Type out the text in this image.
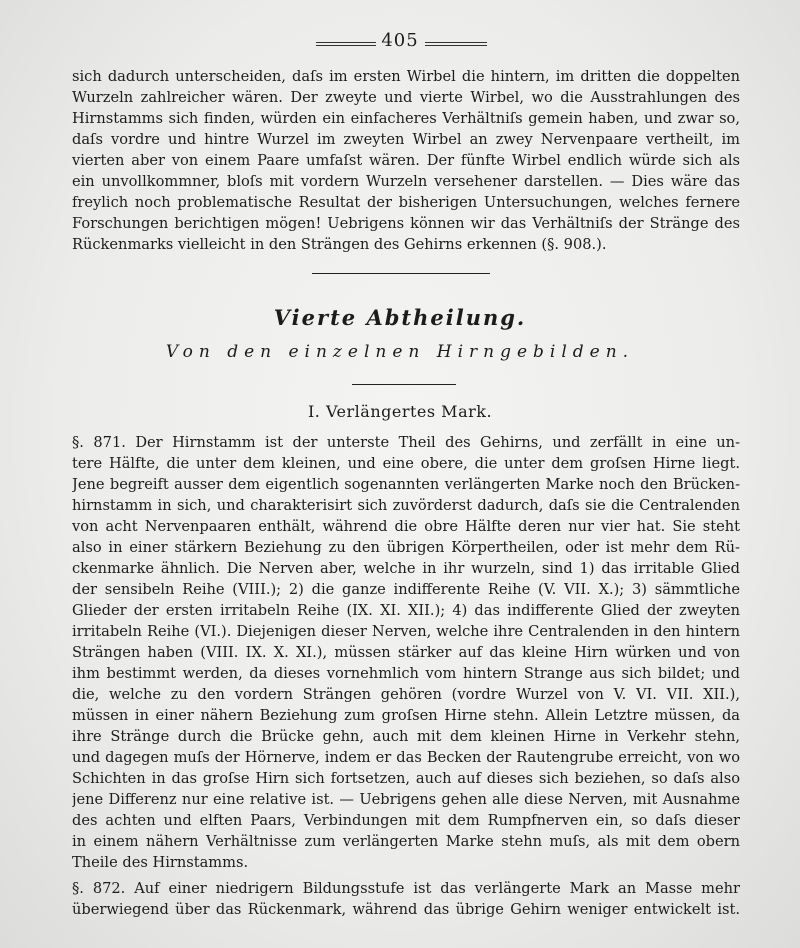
405
sich dadurch unterscheiden, daſs im ersten Wirbel die hintern, im dritten die doppelten
Wurzeln zahlreicher wären. Der zweyte und vierte Wirbel, wo die Ausstrahlungen des
Hirnstamms sich finden, würden ein einfacheres Verhältniſs gemein haben, und zwar so,
daſs vordre und hintre Wurzel im zweyten Wirbel an zwey Nervenpaare vertheilt, im
vierten aber von einem Paare umfaſst wären. Der fünfte Wirbel endlich würde sich als
ein unvollkommner, bloſs mit vordern Wurzeln versehener darstellen. — Dies wäre das
freylich noch problematische Resultat der bisherigen Untersuchungen, welches fernere
Forschungen berichtigen mögen! Uebrigens können wir das Verhältniſs der Stränge des
Rückenmarks vielleicht in den Strängen des Gehirns erkennen (§. 908.).
Vierte Abtheilung.
Von den einzelnen Hirngebilden.
I. Verlängertes Mark.
§. 871. Der Hirnstamm ist der unterste Theil des Gehirns, und zerfällt in eine un-
tere Hälfte, die unter dem kleinen, und eine obere, die unter dem groſsen Hirne liegt.
Jene begreift ausser dem eigentlich sogenannten verlängerten Marke noch den Brücken-
hirnstamm in sich, und charakterisirt sich zuvörderst dadurch, daſs sie die Centralenden
von acht Nervenpaaren enthält, während die obre Hälfte deren nur vier hat. Sie steht
also in einer stärkern Beziehung zu den übrigen Körpertheilen, oder ist mehr dem Rü-
ckenmarke ähnlich. Die Nerven aber, welche in ihr wurzeln, sind 1) das irritable Glied
der sensibeln Reihe (VIII.); 2) die ganze indifferente Reihe (V. VII. X.); 3) sämmtliche
Glieder der ersten irritabeln Reihe (IX. XI. XII.); 4) das indifferente Glied der zweyten
irritabeln Reihe (VI.). Diejenigen dieser Nerven, welche ihre Centralenden in den hintern
Strängen haben (VIII. IX. X. XI.), müssen stärker auf das kleine Hirn würken und von
ihm bestimmt werden, da dieses vornehmlich vom hintern Strange aus sich bildet; und
die, welche zu den vordern Strängen gehören (vordre Wurzel von V. VI. VII. XII.),
müssen in einer nähern Beziehung zum groſsen Hirne stehn. Allein Letztre müssen, da
ihre Stränge durch die Brücke gehn, auch mit dem kleinen Hirne in Verkehr stehn,
und dagegen muſs der Hörnerve, indem er das Becken der Rautengrube erreicht, von wo
Schichten in das groſse Hirn sich fortsetzen, auch auf dieses sich beziehen, so daſs also
jene Differenz nur eine relative ist. — Uebrigens gehen alle diese Nerven, mit Ausnahme
des achten und elften Paars, Verbindungen mit dem Rumpfnerven ein, so daſs dieser
in einem nähern Verhältnisse zum verlängerten Marke stehn muſs, als mit dem obern
Theile des Hirnstamms.
§. 872. Auf einer niedrigern Bildungsstufe ist das verlängerte Mark an Masse mehr
überwiegend über das Rückenmark, während das übrige Gehirn weniger entwickelt ist.
